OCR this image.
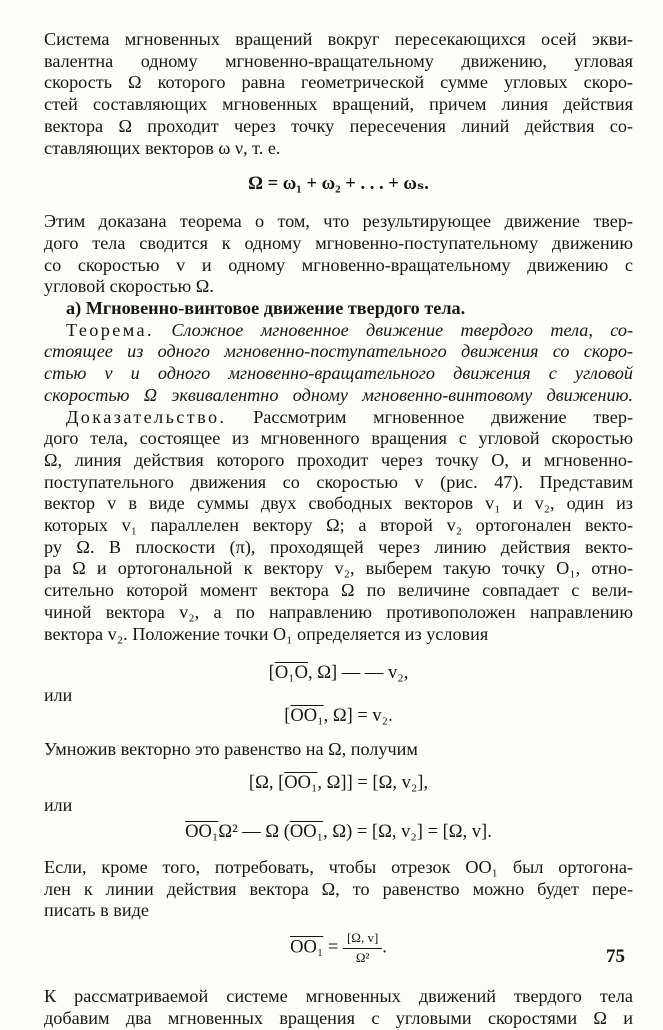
Система мгновенных вращений вокруг пересекающихся осей экви-
валентна одному мгновенно-вращательному движению, угловая
скорость Ω которого равна геометрической сумме угловых скоро-
стей составляющих мгновенных вращений, причем линия действия
вектора Ω проходит через точку пересечения линий действия со-
ставляющих векторов ω ν, т. е.
Ω = ω₁ + ω₂ + . . . + ωₛ.
Этим доказана теорема о том, что результирующее движение твер-
дого тела сводится к одному мгновенно-поступательному движению
со скоростью v и одному мгновенно-вращательному движению с
угловой скоростью Ω.
а) Мгновенно-винтовое движение твердого тела.
Теорема. Сложное мгновенное движение твердого тела, со-
стоящее из одного мгновенно-поступательного движения со скоро-
стью v и одного мгновенно-вращательного движения с угловой
скоростью Ω эквивалентно одному мгновенно-винтовому движению.
Доказательство. Рассмотрим мгновенное движение твер-
дого тела, состоящее из мгновенного вращения с угловой скоростью
Ω, линия действия которого проходит через точку O, и мгновенно-
поступательного движения со скоростью v (рис. 47). Представим
вектор v в виде суммы двух свободных векторов v₁ и v₂, один из
которых v₁ параллелен вектору Ω; а второй v₂ ортогонален векто-
ру Ω. В плоскости (π), проходящей через линию действия векто-
ра Ω и ортогональной к вектору v₂, выберем такую точку O₁, отно-
сительно которой момент вектора Ω по величине совпадает с вели-
чиной вектора v₂, а по направлению противоположен направлению
вектора v₂. Положение точки O₁ определяется из условия
[O₁O, Ω] — — v₂,
или
[OO₁, Ω] = v₂.
Умножив векторно это равенство на Ω, получим
[Ω, [OO₁, Ω]] = [Ω, v₂],
или
OO₁Ω² — Ω (OO₁, Ω) = [Ω, v₂] = [Ω, v].
Если, кроме того, потребовать, чтобы отрезок OO₁ был ортогона-
лен к линии действия вектора Ω, то равенство можно будет пере-
писать в виде
$OO_1 = \frac{[\Omega, v]}{\text{Ω²}}$ .
К рассматриваемой системе мгновенных движений твердого тела
добавим два мгновенных вращения с угловыми скоростями Ω и
75
